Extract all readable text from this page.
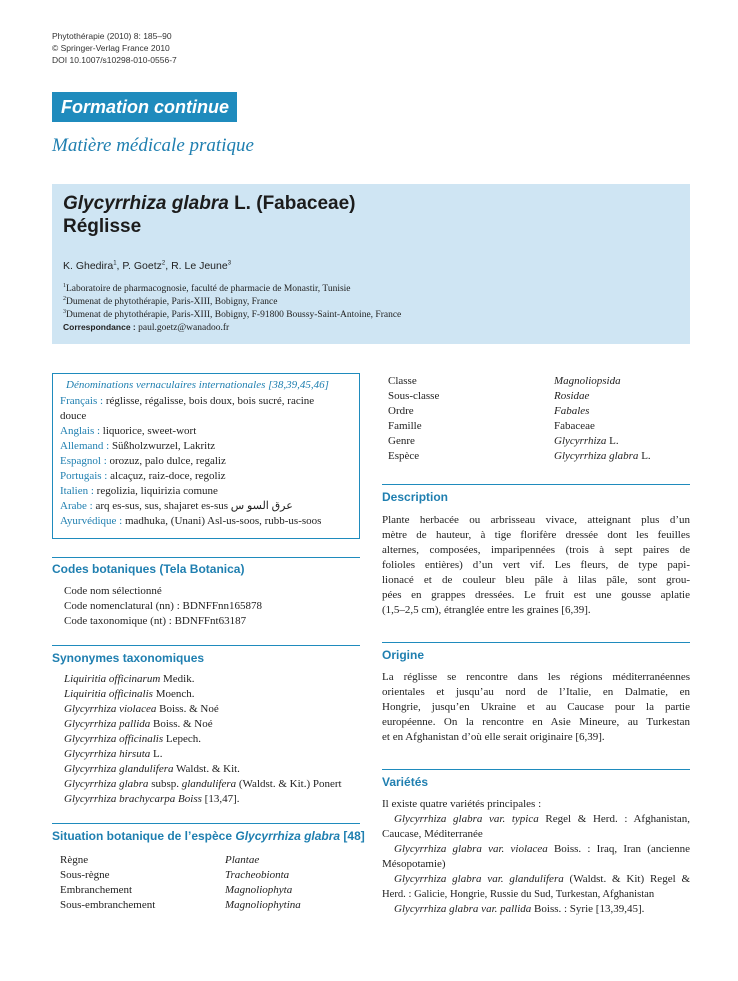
Phytothérapie (2010) 8: 185–90
© Springer-Verlag France 2010
DOI 10.1007/s10298-010-0556-7
Formation continue
Matière médicale pratique
Glycyrrhiza glabra L. (Fabaceae)
Réglisse
K. Ghedira$^1$, P. Goetz$^2$, R. Le Jeune$^3$
$^1$Laboratoire de pharmacognosie, faculté de pharmacie de Monastir, Tunisie
$^2$Dumenat de phytothérapie, Paris-XIII, Bobigny, France
$^3$Dumenat de phytothérapie, Paris-XIII, Bobigny, F-91800 Boussy-Saint-Antoine, France
Correspondance : paul.goetz@wanadoo.fr
Dénominations vernaculaires internationales [38,39,45,46]
Français : réglisse, régalisse, bois doux, bois sucré, racine
douce
Anglais : liquorice, sweet-wort
Allemand : Süßholzwurzel, Lakritz
Espagnol : orozuz, palo dulce, regaliz
Portugais : alcaçuz, raiz-doce, regoliz
Italien : regolizia, liquirizia comune
Arabe : arq es-sus, sus, shajaret es-sus عرق السو س
Ayurvédique : madhuka, (Unani) Asl-us-soos, rubb-us-soos
Codes botaniques (Tela Botanica)
Code nom sélectionné
Code nomenclatural (nn) : BDNFFnn165878
Code taxonomique (nt) : BDNFFnt63187
Synonymes taxonomiques
Liquiritia officinarum Medik.
Liquiritia officinalis Moench.
Glycyrrhiza violacea Boiss. & Noé
Glycyrrhiza pallida Boiss. & Noé
Glycyrrhiza officinalis Lepech.
Glycyrrhiza hirsuta L.
Glycyrrhiza glandulifera Waldst. & Kit.
Glycyrrhiza glabra subsp. glandulifera (Waldst. & Kit.) Ponert
Glycyrrhiza brachycarpa Boiss [13,47].
Situation botanique de l’espèce Glycyrrhiza glabra [48]
Règne	Plantae
Sous-règne	Tracheobionta
Embranchement	Magnoliophyta
Sous-embranchement	Magnoliophytina
Classe	Magnoliopsida
Sous-classe	Rosidae
Ordre	Fabales
Famille	Fabaceae
Genre	Glycyrrhiza L.
Espèce	Glycyrrhiza glabra L.
Description
Plante herbacée ou arbrisseau vivace, atteignant plus d’un
mètre de hauteur, à tige florifère dressée dont les feuilles
alternes, composées, imparipennées (trois à sept paires de
folioles entières) d’un vert vif. Les fleurs, de type papi-
lionacé et de couleur bleu pâle à lilas pâle, sont grou-
pées en grappes dressées. Le fruit est une gousse aplatie
(1,5–2,5 cm), étranglée entre les graines [6,39].
Origine
La réglisse se rencontre dans les régions méditerranéennes
orientales et jusqu’au nord de l’Italie, en Dalmatie, en
Hongrie, jusqu’en Ukraine et au Caucase pour la partie
européenne. On la rencontre en Asie Mineure, au Turkestan
et en Afghanistan d’où elle serait originaire [6,39].
Variétés
Il existe quatre variétés principales :
Glycyrrhiza glabra var. typica Regel & Herd. : Afghanistan,
Caucase, Méditerranée
Glycyrrhiza glabra var. violacea Boiss. : Iraq, Iran (ancienne
Mésopotamie)
Glycyrrhiza glabra var. glandulifera (Waldst. & Kit) Regel &
Herd. : Galicie, Hongrie, Russie du Sud, Turkestan, Afghanistan
Glycyrrhiza glabra var. pallida Boiss. : Syrie [13,39,45].
